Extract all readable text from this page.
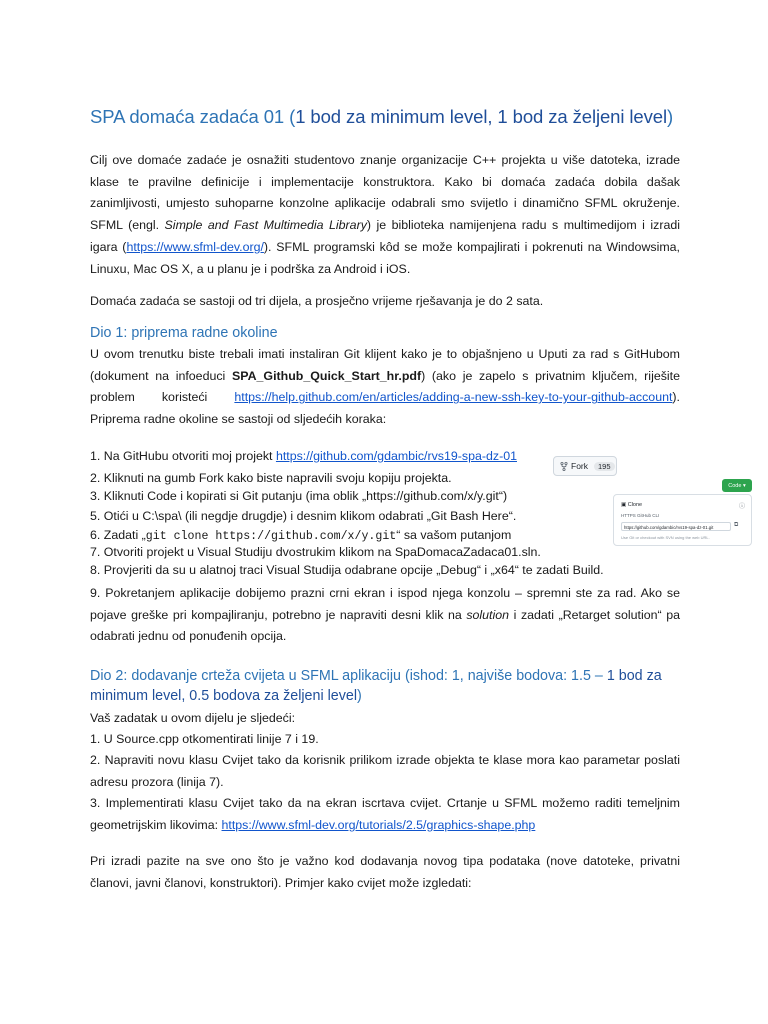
SPA domaća zadaća 01 (1 bod za minimum level, 1 bod za željeni level)
Cilj ove domaće zadaće je osnažiti studentovo znanje organizacije C++ projekta u više datoteka, izrade klase te pravilne definicije i implementacije konstruktora. Kako bi domaća zadaća dobila dašak zanimljivosti, umjesto suhoparne konzolne aplikacije odabrali smo svijetlo i dinamično SFML okruženje. SFML (engl. Simple and Fast Multimedia Library) je biblioteka namijenjena radu s multimedijom i izradi igara (https://www.sfml-dev.org/). SFML programski kôd se može kompajlirati i pokrenuti na Windowsima, Linuxu, Mac OS X, a u planu je i podrška za Android i iOS.
Domaća zadaća se sastoji od tri dijela, a prosječno vrijeme rješavanja je do 2 sata.
Dio 1: priprema radne okoline
U ovom trenutku biste trebali imati instaliran Git klijent kako je to objašnjeno u Uputi za rad s GitHubom (dokument na infoeduci SPA_Github_Quick_Start_hr.pdf) (ako je zapelo s privatnim ključem, riješite problem koristeći https://help.github.com/en/articles/adding-a-new-ssh-key-to-your-github-account). Priprema radne okoline se sastoji od sljedećih koraka:
1. Na GitHubu otvoriti moj projekt https://github.com/gdambic/rvs19-spa-dz-01
2. Kliknuti na gumb Fork kako biste napravili svoju kopiju projekta.
3. Kliknuti Code i kopirati si Git putanju (ima oblik „https://github.com/x/y.git“)
5. Otići u C:\spa\ (ili negdje drugdje) i desnim klikom odabrati „Git Bash Here“.
6. Zadati „git clone https://github.com/x/y.git“ sa vašom putanjom
7. Otvoriti projekt u Visual Studiju dvostrukim klikom na SpaDomacaZadaca01.sln.
8. Provjeriti da su u alatnoj traci Visual Studija odabrane opcije „Debug“ i „x64“ te zadati Build.
9. Pokretanjem aplikacije dobijemo prazni crni ekran i ispod njega konzolu – spremni ste za rad. Ako se pojave greške pri kompajliranju, potrebno je napraviti desni klik na solution i zadati „Retarget solution“ pa odabrati jednu od ponuđenih opcija.
Dio 2: dodavanje crteža cvijeta u SFML aplikaciju (ishod: 1, najviše bodova: 1.5 – 1 bod za minimum level, 0.5 bodova za željeni level)
Vaš zadatak u ovom dijelu je sljedeći:
1. U Source.cpp otkomentirati linije 7 i 19.
2. Napraviti novu klasu Cvijet tako da korisnik prilikom izrade objekta te klase mora kao parametar poslati adresu prozora (linija 7).
3. Implementirati klasu Cvijet tako da na ekran iscrtava cvijet. Crtanje u SFML možemo raditi temeljnim geometrijskim likovima: https://www.sfml-dev.org/tutorials/2.5/graphics-shape.php
Pri izradi pazite na sve ono što je važno kod dodavanja novog tipa podataka (nove datoteke, privatni članovi, javni članovi, konstruktori). Primjer kako cvijet može izgledati:
Fork	195
Code ▾
▣ Clone	ⓘ
HTTPS GitHub CLI
https://github.com/gdambic/rvs19-spa-dz-01.git	⧉
Use Git or checkout with SVN using the web URL.
